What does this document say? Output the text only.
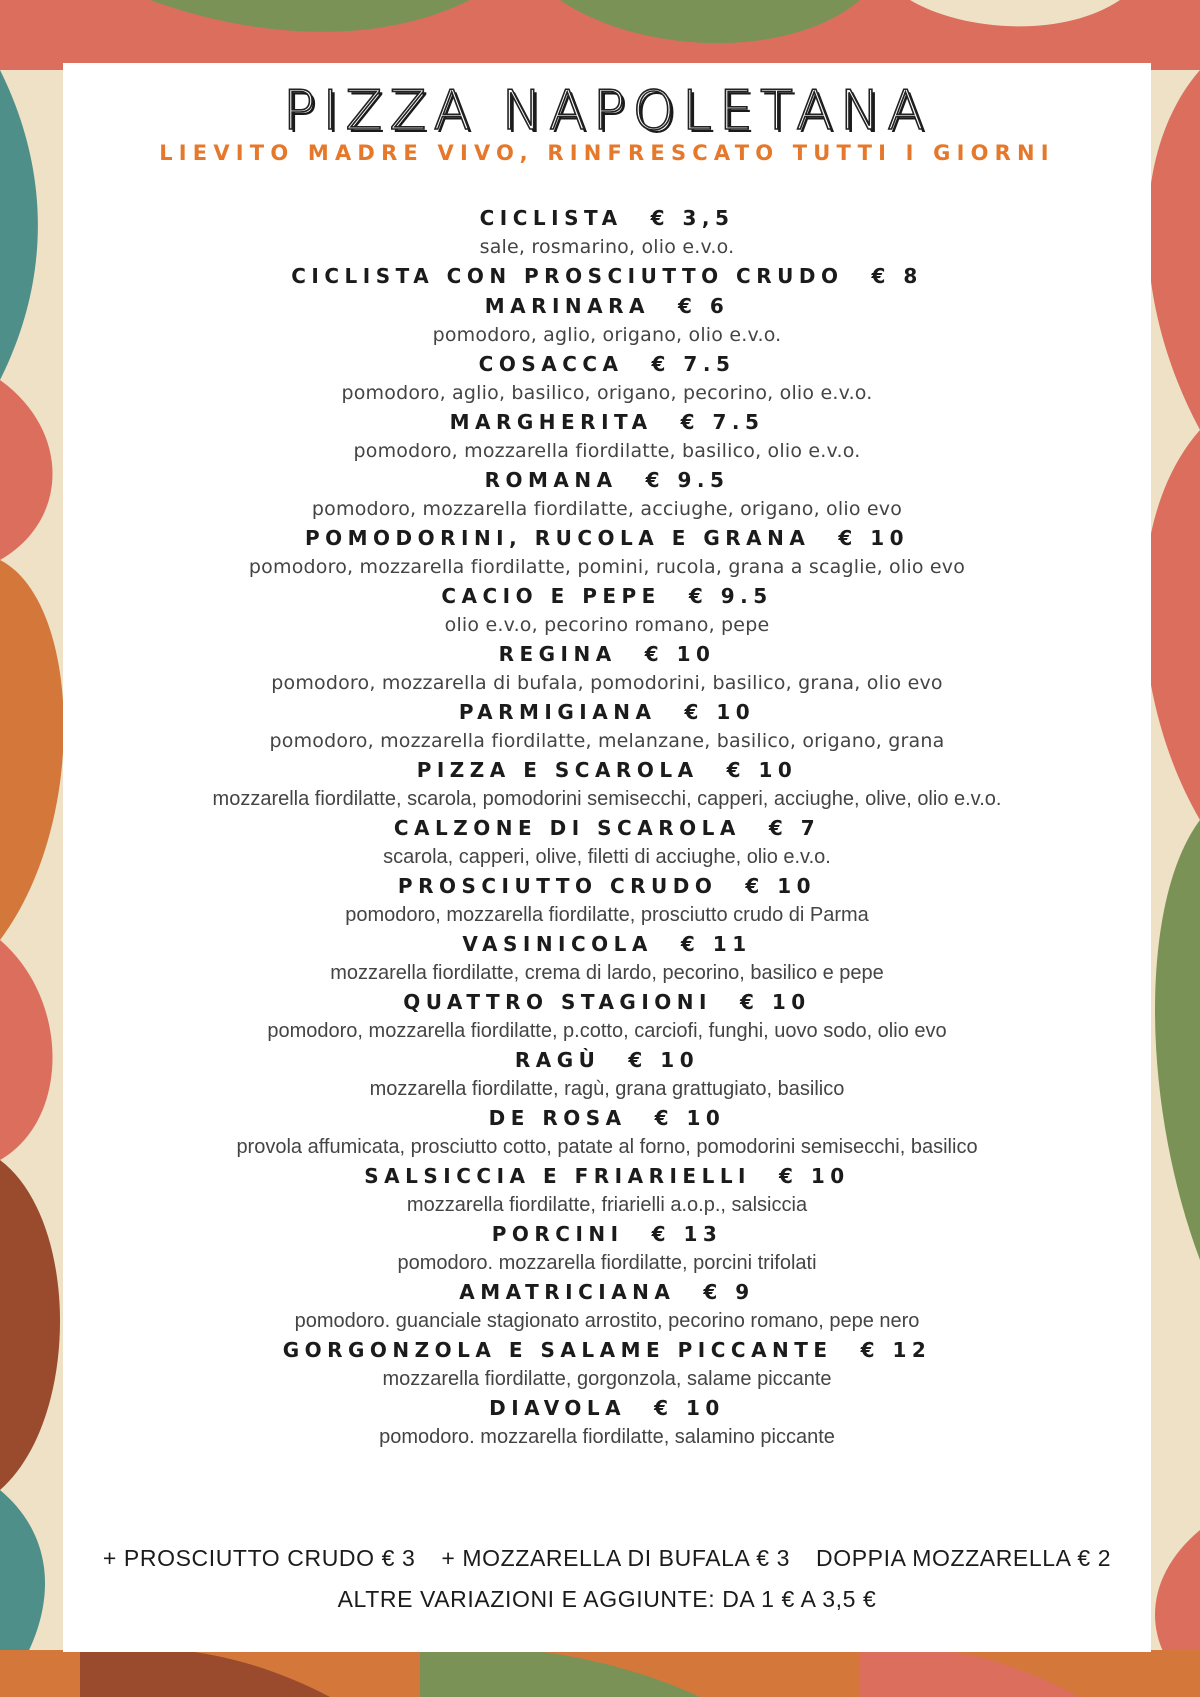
PIZZA NAPOLETANA
LIEVITO MADRE VIVO, RINFRESCATO TUTTI I GIORNI
CICLISTA € 3,5
sale, rosmarino, olio e.v.o.
CICLISTA CON PROSCIUTTO CRUDO € 8
MARINARA € 6
pomodoro, aglio, origano, olio e.v.o.
COSACCA € 7.5
pomodoro, aglio, basilico, origano, pecorino, olio e.v.o.
MARGHERITA € 7.5
pomodoro, mozzarella fiordilatte, basilico, olio e.v.o.
ROMANA € 9.5
pomodoro, mozzarella fiordilatte, acciughe, origano, olio evo
POMODORINI, RUCOLA E GRANA € 10
pomodoro, mozzarella fiordilatte, pomini, rucola, grana a scaglie, olio evo
CACIO E PEPE € 9.5
olio e.v.o, pecorino romano, pepe
REGINA € 10
pomodoro, mozzarella di bufala, pomodorini, basilico, grana, olio evo
PARMIGIANA € 10
pomodoro, mozzarella fiordilatte, melanzane, basilico, origano, grana
PIZZA E SCAROLA € 10
mozzarella fiordilatte, scarola, pomodorini semisecchi, capperi, acciughe, olive, olio e.v.o.
CALZONE DI SCAROLA € 7
scarola, capperi, olive, filetti di acciughe, olio e.v.o.
PROSCIUTTO CRUDO € 10
pomodoro, mozzarella fiordilatte, prosciutto crudo di Parma
VASINICOLA € 11
mozzarella fiordilatte, crema di lardo, pecorino, basilico e pepe
QUATTRO STAGIONI € 10
pomodoro, mozzarella fiordilatte, p.cotto, carciofi, funghi, uovo sodo, olio evo
RAGÙ € 10
mozzarella fiordilatte, ragù, grana grattugiato, basilico
DE ROSA € 10
provola affumicata, prosciutto cotto, patate al forno, pomodorini semisecchi, basilico
SALSICCIA E FRIARIELLI € 10
mozzarella fiordilatte, friarielli a.o.p., salsiccia
PORCINI € 13
pomodoro. mozzarella fiordilatte, porcini trifolati
AMATRICIANA € 9
pomodoro. guanciale stagionato arrostito, pecorino romano, pepe nero
GORGONZOLA E SALAME PICCANTE € 12
mozzarella fiordilatte, gorgonzola, salame piccante
DIAVOLA € 10
pomodoro. mozzarella fiordilatte, salamino piccante
+ PROSCIUTTO CRUDO € 3 + MOZZARELLA DI BUFALA € 3 DOPPIA MOZZARELLA € 2
ALTRE VARIAZIONI E AGGIUNTE: DA 1 € A 3,5 €
